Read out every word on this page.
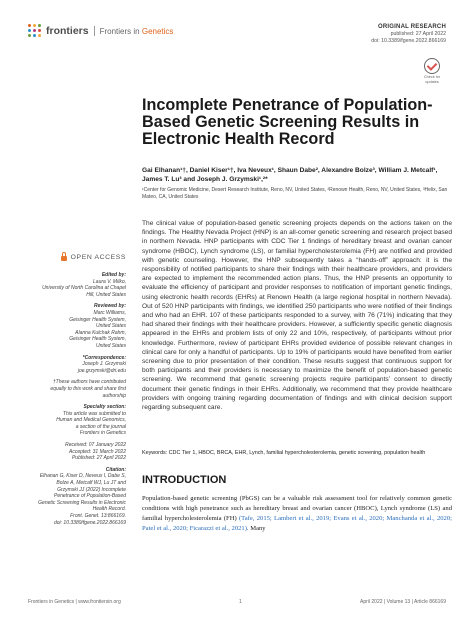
frontiers Frontiers in Genetics	ORIGINAL RESEARCH
published: 27 April 2022
doi: 10.3389/fgene.2022.866169
Check for updates
Incomplete Penetrance of Population-Based Genetic Screening Results in Electronic Health Record
Gai Elhanan¹†, Daniel Kiser¹†, Iva Neveux¹, Shaun Dabe², Alexandre Bolze³, William J. Metcalf¹, James T. Lu³ and Joseph J. Grzymski¹,²*
¹Center for Genomic Medicine, Desert Research Institute, Reno, NV, United States, ²Renown Health, Reno, NV, United States, ³Helix, San Mateo, CA, United States
The clinical value of population-based genetic screening projects depends on the actions taken on the findings. The Healthy Nevada Project (HNP) is an all-comer genetic screening and research project based in northern Nevada. HNP participants with CDC Tier 1 findings of hereditary breast and ovarian cancer syndrome (HBOC), Lynch syndrome (LS), or familial hypercholesterolemia (FH) are notified and provided with genetic counseling. However, the HNP subsequently takes a “hands-off” approach: it is the responsibility of notified participants to share their findings with their healthcare providers, and providers are expected to implement the recommended action plans. Thus, the HNP presents an opportunity to evaluate the efficiency of participant and provider responses to notification of important genetic findings, using electronic health records (EHRs) at Renown Health (a large regional hospital in northern Nevada). Out of 520 HNP participants with findings, we identified 250 participants who were notified of their findings and who had an EHR. 107 of these participants responded to a survey, with 76 (71%) indicating that they had shared their findings with their healthcare providers. However, a sufficiently specific genetic diagnosis appeared in the EHRs and problem lists of only 22 and 10%, respectively, of participants without prior knowledge. Furthermore, review of participant EHRs provided evidence of possible relevant changes in clinical care for only a handful of participants. Up to 19% of participants would have benefited from earlier screening due to prior presentation of their condition. These results suggest that continuous support for both participants and their providers is necessary to maximize the benefit of population-based genetic screening. We recommend that genetic screening projects require participants’ consent to directly document their genetic findings in their EHRs. Additionally, we recommend that they provide healthcare providers with ongoing training regarding documentation of findings and with clinical decision support regarding subsequent care.
Keywords: CDC Tier 1, HBOC, BRCA, EHR, Lynch, familial hypercholesterolemia, genetic screening, population health
INTRODUCTION
Population-based genetic screening (PbGS) can be a valuable risk assessment tool for relatively common genetic conditions with high penetrance such as hereditary breast and ovarian cancer (HBOC), Lynch syndrome (LS) and familial hypercholesterolemia (FH) (Tafe, 2015; Lambert et al., 2019; Evans et al., 2020; Manchanda et al., 2020; Patel et al., 2020; Ficarazzi et al., 2021). Many
OPEN ACCESS
Edited by:
Laura V. Milko,
University of North Carolina at Chapel
Hill, United States
Reviewed by:
Marc Williams,
Geisinger Health System,
United States
Alanna Kulchak Rahm,
Geisinger Health System,
United States
*Correspondence:
Joseph J. Grzymski
joe.grzymski@dri.edu
†These authors have contributed
equally to this work and share first
authorship
Specialty section:
This article was submitted to
Human and Medical Genomics,
a section of the journal
Frontiers in Genetics
Received: 07 January 2022
Accepted: 31 March 2022
Published: 27 April 2022
Citation:
Elhanan G, Kiser D, Neveux I, Dabe S,
Bolze A, Metcalf WJ, Lu JT and
Grzymski JJ (2022) Incomplete
Penetrance of Population-Based
Genetic Screening Results in Electronic
Health Record.
Front. Genet. 13:866169.
doi: 10.3389/fgene.2022.866169
Frontiers in Genetics | www.frontiersin.org	1	April 2022 | Volume 13 | Article 866169
